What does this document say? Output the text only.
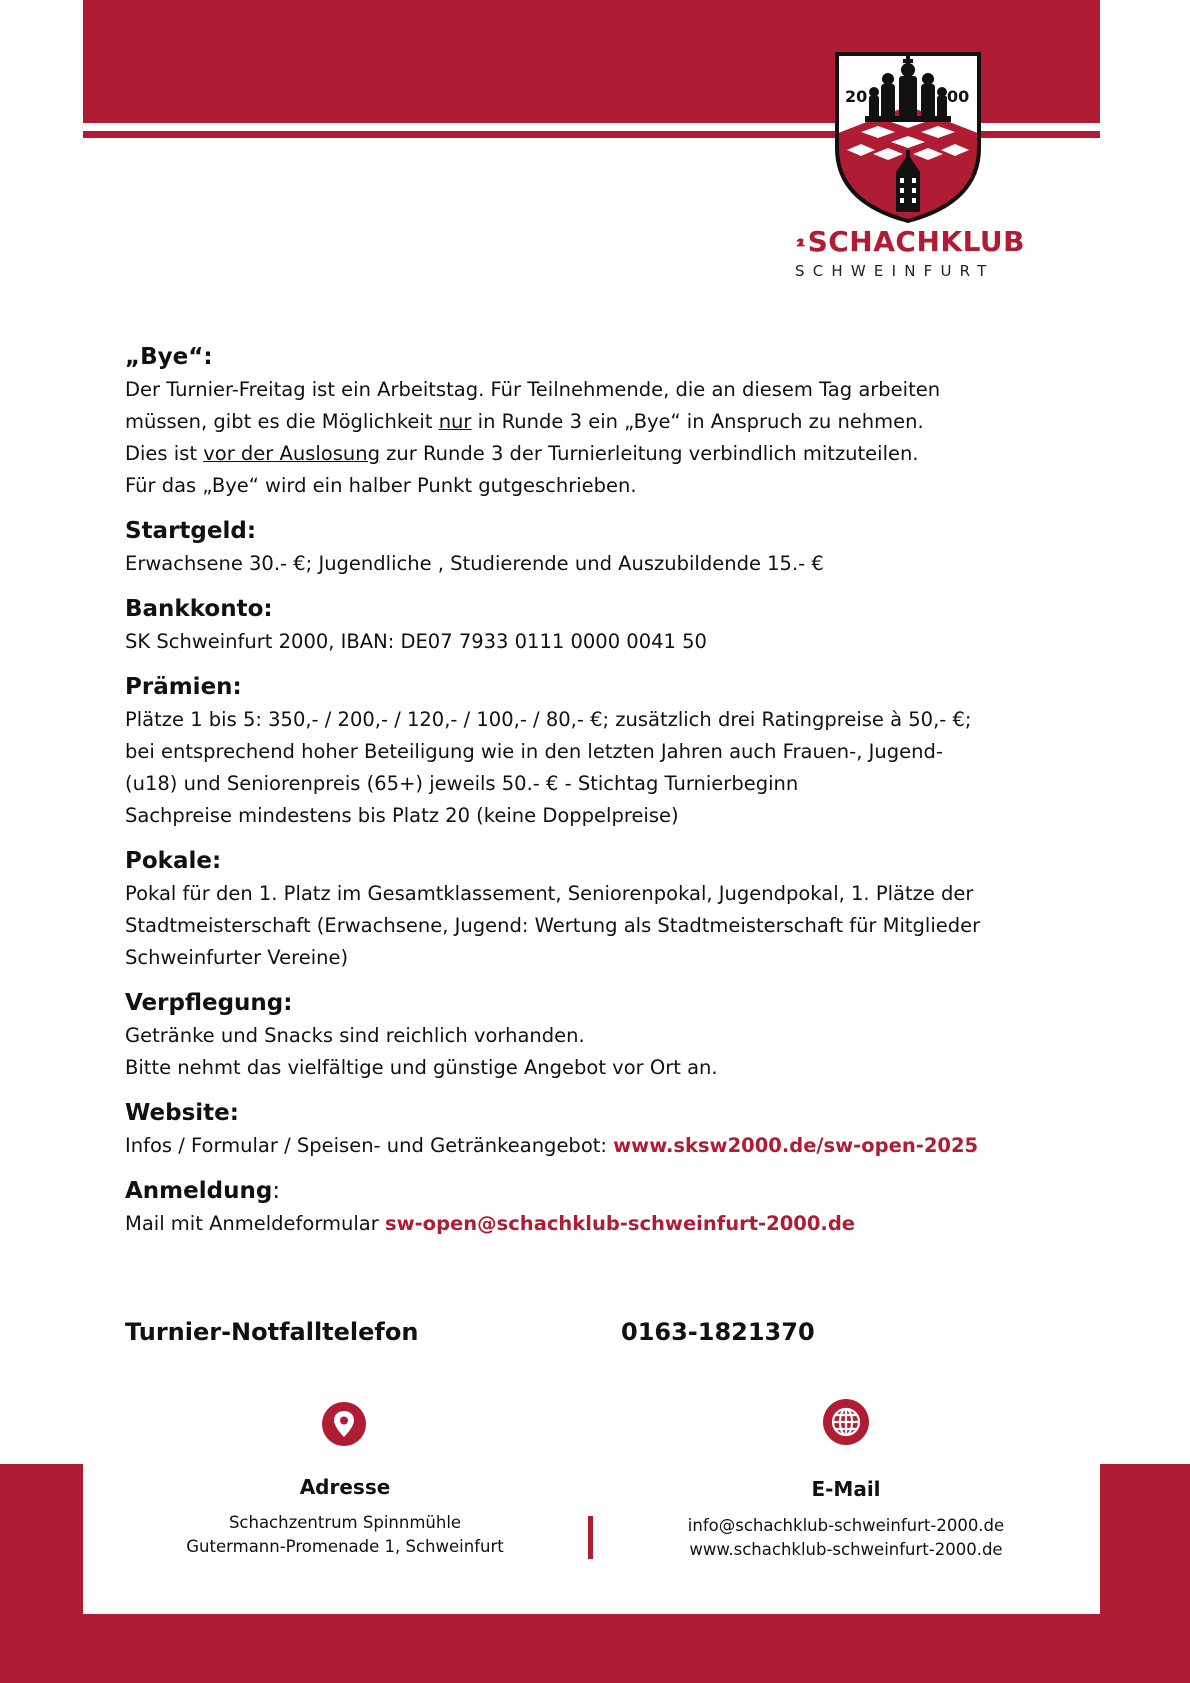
20	00
SCHACHKLUB
SCHWEINFURT
„Bye“:
Der Turnier-Freitag ist ein Arbeitstag. Für Teilnehmende, die an diesem Tag arbeiten
müssen, gibt es die Möglichkeit nur in Runde 3 ein „Bye“ in Anspruch zu nehmen.
Dies ist vor der Auslosung zur Runde 3 der Turnierleitung verbindlich mitzuteilen.
Für das „Bye“ wird ein halber Punkt gutgeschrieben.
Startgeld:
Erwachsene 30.- €; Jugendliche , Studierende und Auszubildende 15.- €
Bankkonto:
SK Schweinfurt 2000, IBAN: DE07 7933 0111 0000 0041 50
Prämien:
Plätze 1 bis 5: 350,- / 200,- / 120,- / 100,- / 80,- €; zusätzlich drei Ratingpreise à 50,- €;
bei entsprechend hoher Beteiligung wie in den letzten Jahren auch Frauen-, Jugend-
(u18) und Seniorenpreis (65+) jeweils 50.- € - Stichtag Turnierbeginn
Sachpreise mindestens bis Platz 20 (keine Doppelpreise)
Pokale:
Pokal für den 1. Platz im Gesamtklassement, Seniorenpokal, Jugendpokal, 1. Plätze der
Stadtmeisterschaft (Erwachsene, Jugend: Wertung als Stadtmeisterschaft für Mitglieder
Schweinfurter Vereine)
Verpflegung:
Getränke und Snacks sind reichlich vorhanden.
Bitte nehmt das vielfältige und günstige Angebot vor Ort an.
Website:
Infos / Formular / Speisen- und Getränkeangebot: www.sksw2000.de/sw-open-2025
Anmeldung:
Mail mit Anmeldeformular sw-open@schachklub-schweinfurt-2000.de
Turnier-Notfalltelefon	0163-1821370
Adresse
Schachzentrum Spinnmühle
Gutermann-Promenade 1, Schweinfurt
E-Mail
info@schachklub-schweinfurt-2000.de
www.schachklub-schweinfurt-2000.de
